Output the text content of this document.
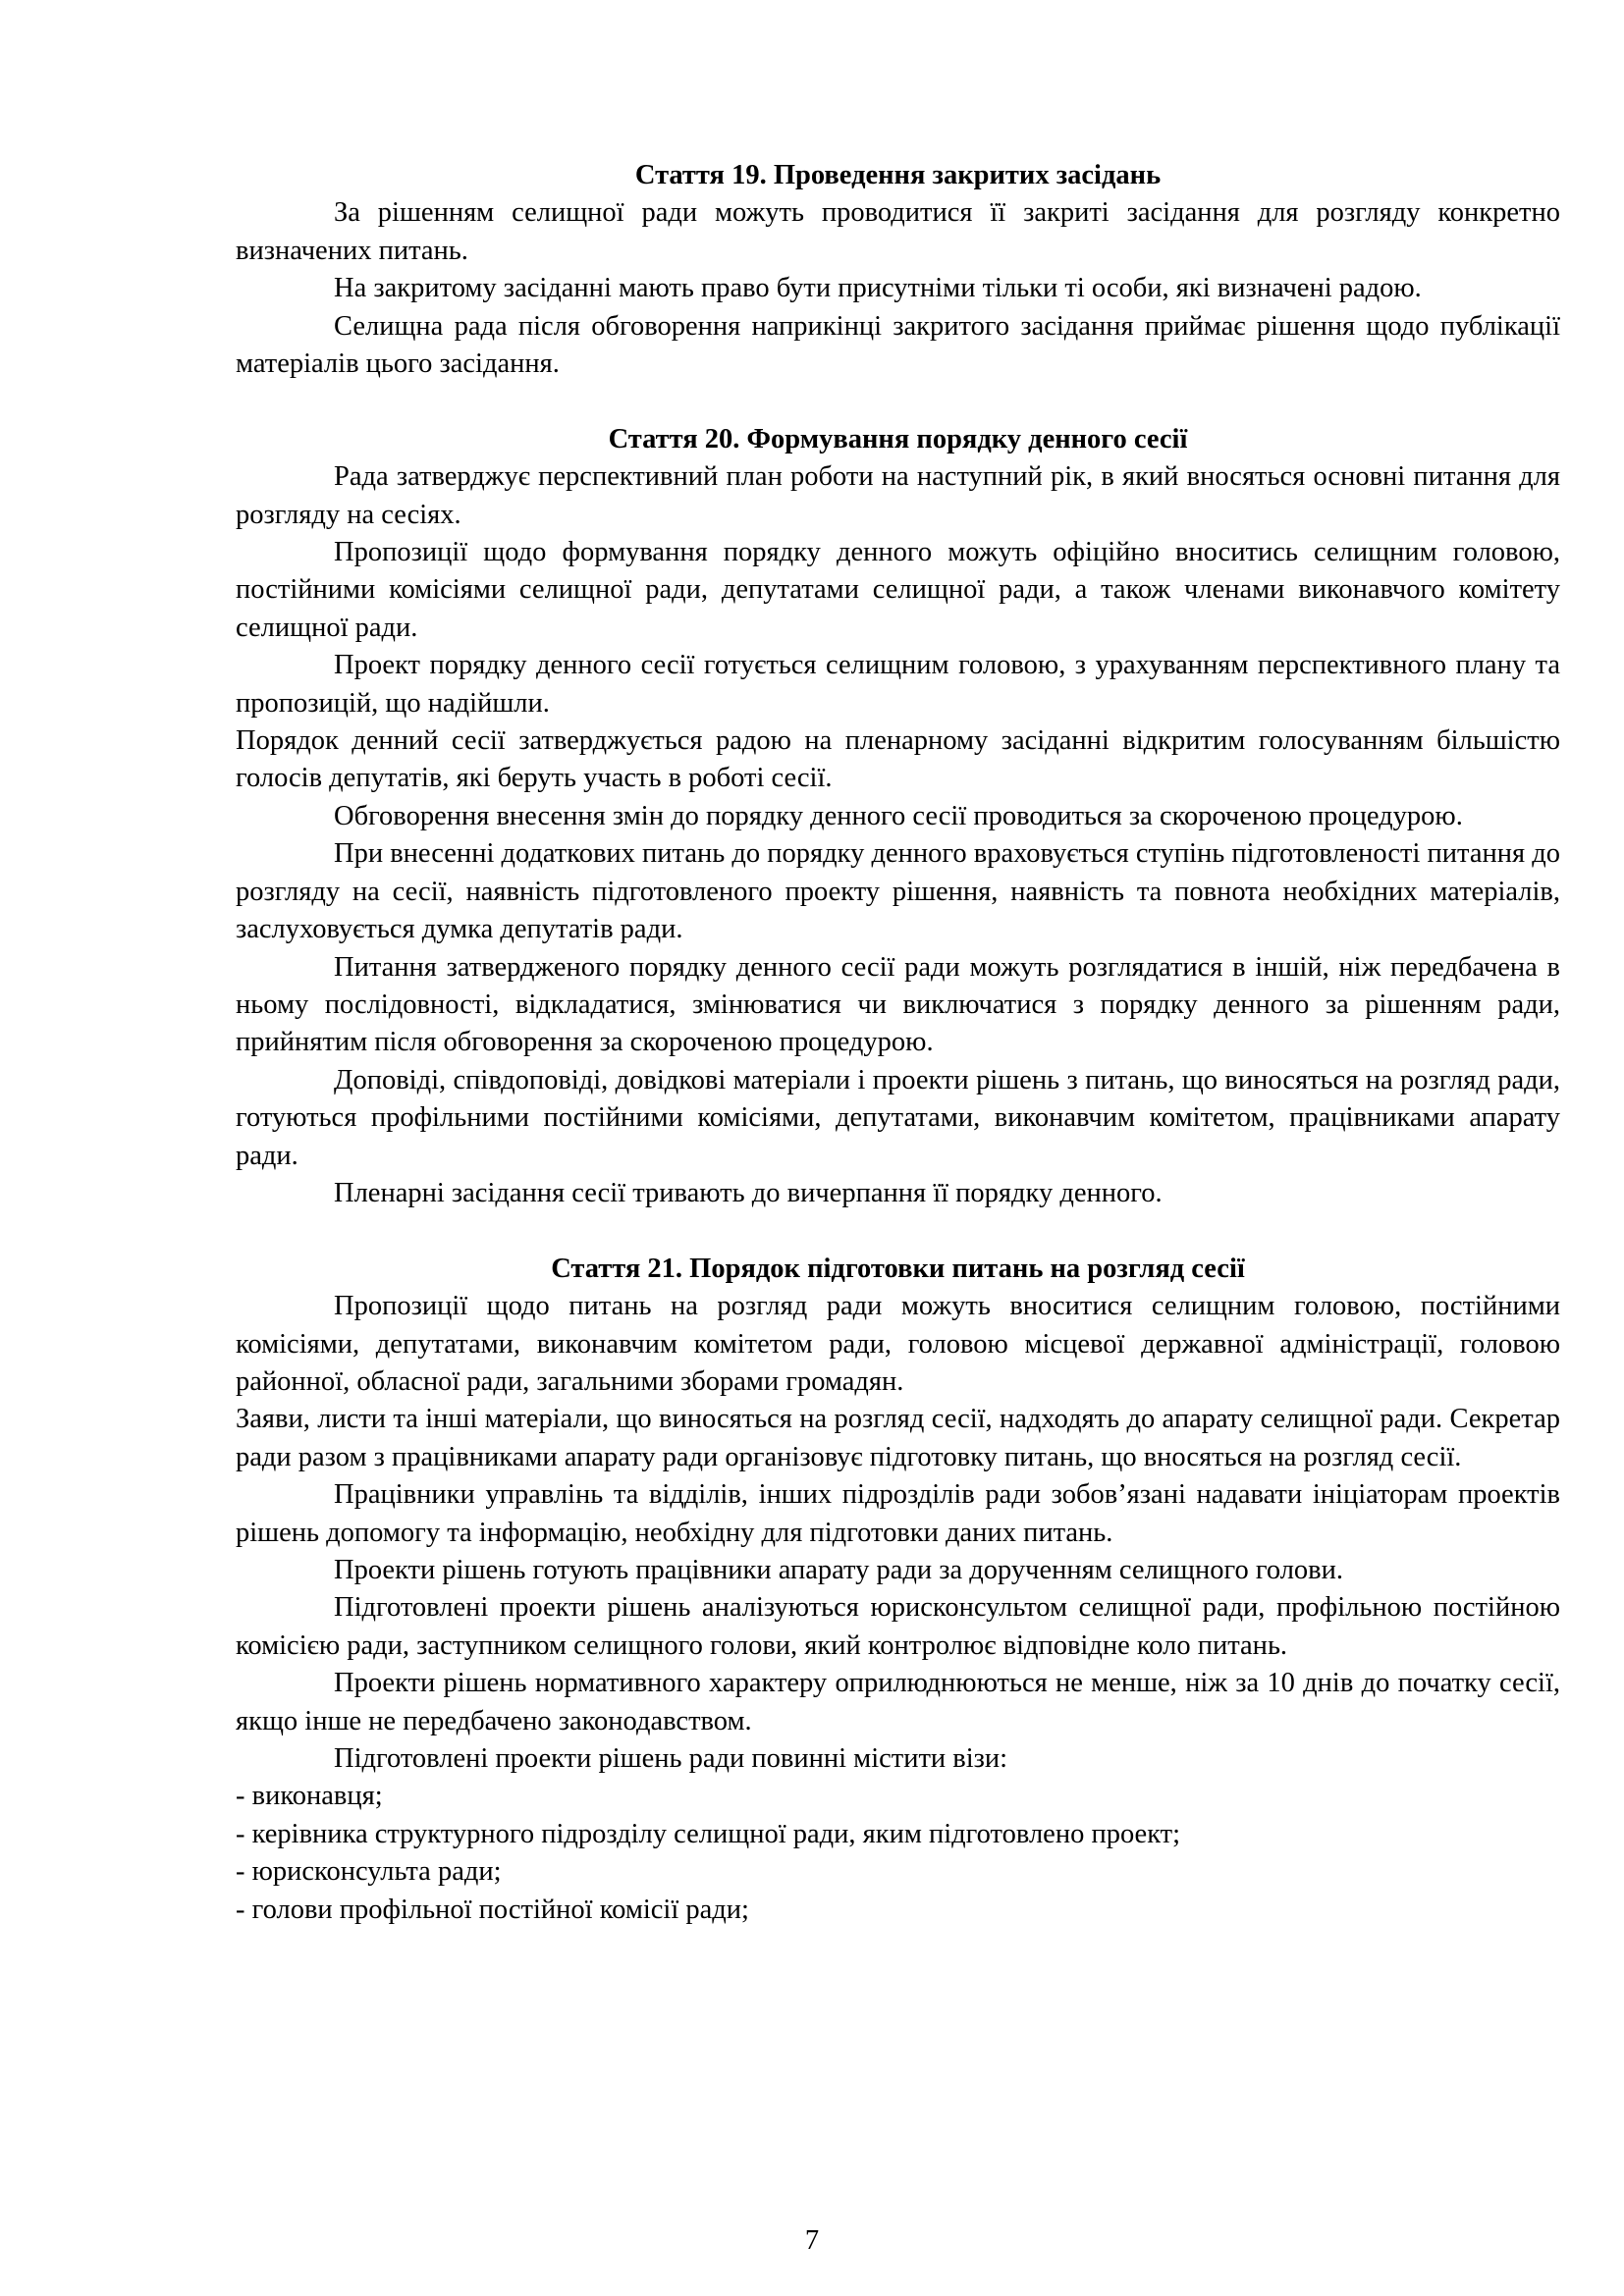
Стаття 19. Проведення закритих засідань

За рішенням селищної ради можуть проводитися її закриті засідання для розгляду конкретно визначених питань.

На закритому засіданні мають право бути присутніми тільки ті особи, які визначені радою.

Селищна рада після обговорення наприкінці закритого засідання приймає рішення щодо публікації матеріалів цього засідання.

Стаття 20. Формування порядку денного сесії

Рада затверджує перспективний план роботи на наступний рік, в який вносяться основні питання для розгляду на сесіях.

Пропозиції щодо формування порядку денного можуть офіційно вноситись селищним головою, постійними комісіями селищної ради, депутатами селищної ради, а також членами виконавчого комітету селищної ради.

Проект порядку денного сесії готується селищним головою, з урахуванням перспективного плану та пропозицій, що надійшли.

Порядок денний сесії затверджується радою на пленарному засіданні відкритим голосуванням більшістю голосів депутатів, які беруть участь в роботі сесії.

Обговорення внесення змін до порядку денного сесії проводиться за скороченою процедурою.

При внесенні додаткових питань до порядку денного враховується ступінь підготовленості питання до розгляду на сесії, наявність підготовленого проекту рішення, наявність та повнота необхідних матеріалів, заслуховується думка депутатів ради.

Питання затвердженого порядку денного сесії ради можуть розглядатися в іншій, ніж передбачена в ньому послідовності, відкладатися, змінюватися чи виключатися з порядку денного за рішенням ради, прийнятим після обговорення за скороченою процедурою.

Доповіді, співдоповіді, довідкові матеріали і проекти рішень з питань, що виносяться на розгляд ради, готуються профільними постійними комісіями, депутатами, виконавчим комітетом, працівниками апарату ради.

Пленарні засідання сесії тривають до вичерпання її порядку денного.

Стаття 21. Порядок підготовки питань на розгляд сесії

Пропозиції щодо питань на розгляд ради можуть вноситися селищним головою, постійними комісіями, депутатами, виконавчим комітетом ради, головою місцевої державної адміністрації, головою районної, обласної ради, загальними зборами громадян.

Заяви, листи та інші матеріали, що виносяться на розгляд сесії, надходять до апарату селищної ради. Секретар ради разом з працівниками апарату ради організовує підготовку питань, що вносяться на розгляд сесії.

Працівники управлінь та відділів, інших підрозділів ради зобов’язані надавати ініціаторам проектів рішень допомогу та інформацію, необхідну для підготовки даних питань.

Проекти рішень готують працівники апарату ради за дорученням селищного голови.

Підготовлені проекти рішень аналізуються юрисконсультом селищної ради, профільною постійною комісією ради, заступником селищного голови, який контролює відповідне коло питань.

Проекти рішень нормативного характеру оприлюднюються не менше, ніж за 10 днів до початку сесії, якщо інше не передбачено законодавством.

Підготовлені проекти рішень ради повинні містити візи:

- виконавця;

- керівника структурного підрозділу селищної ради, яким підготовлено проект;

- юрисконсульта ради;

- голови профільної постійної комісії ради;

7
